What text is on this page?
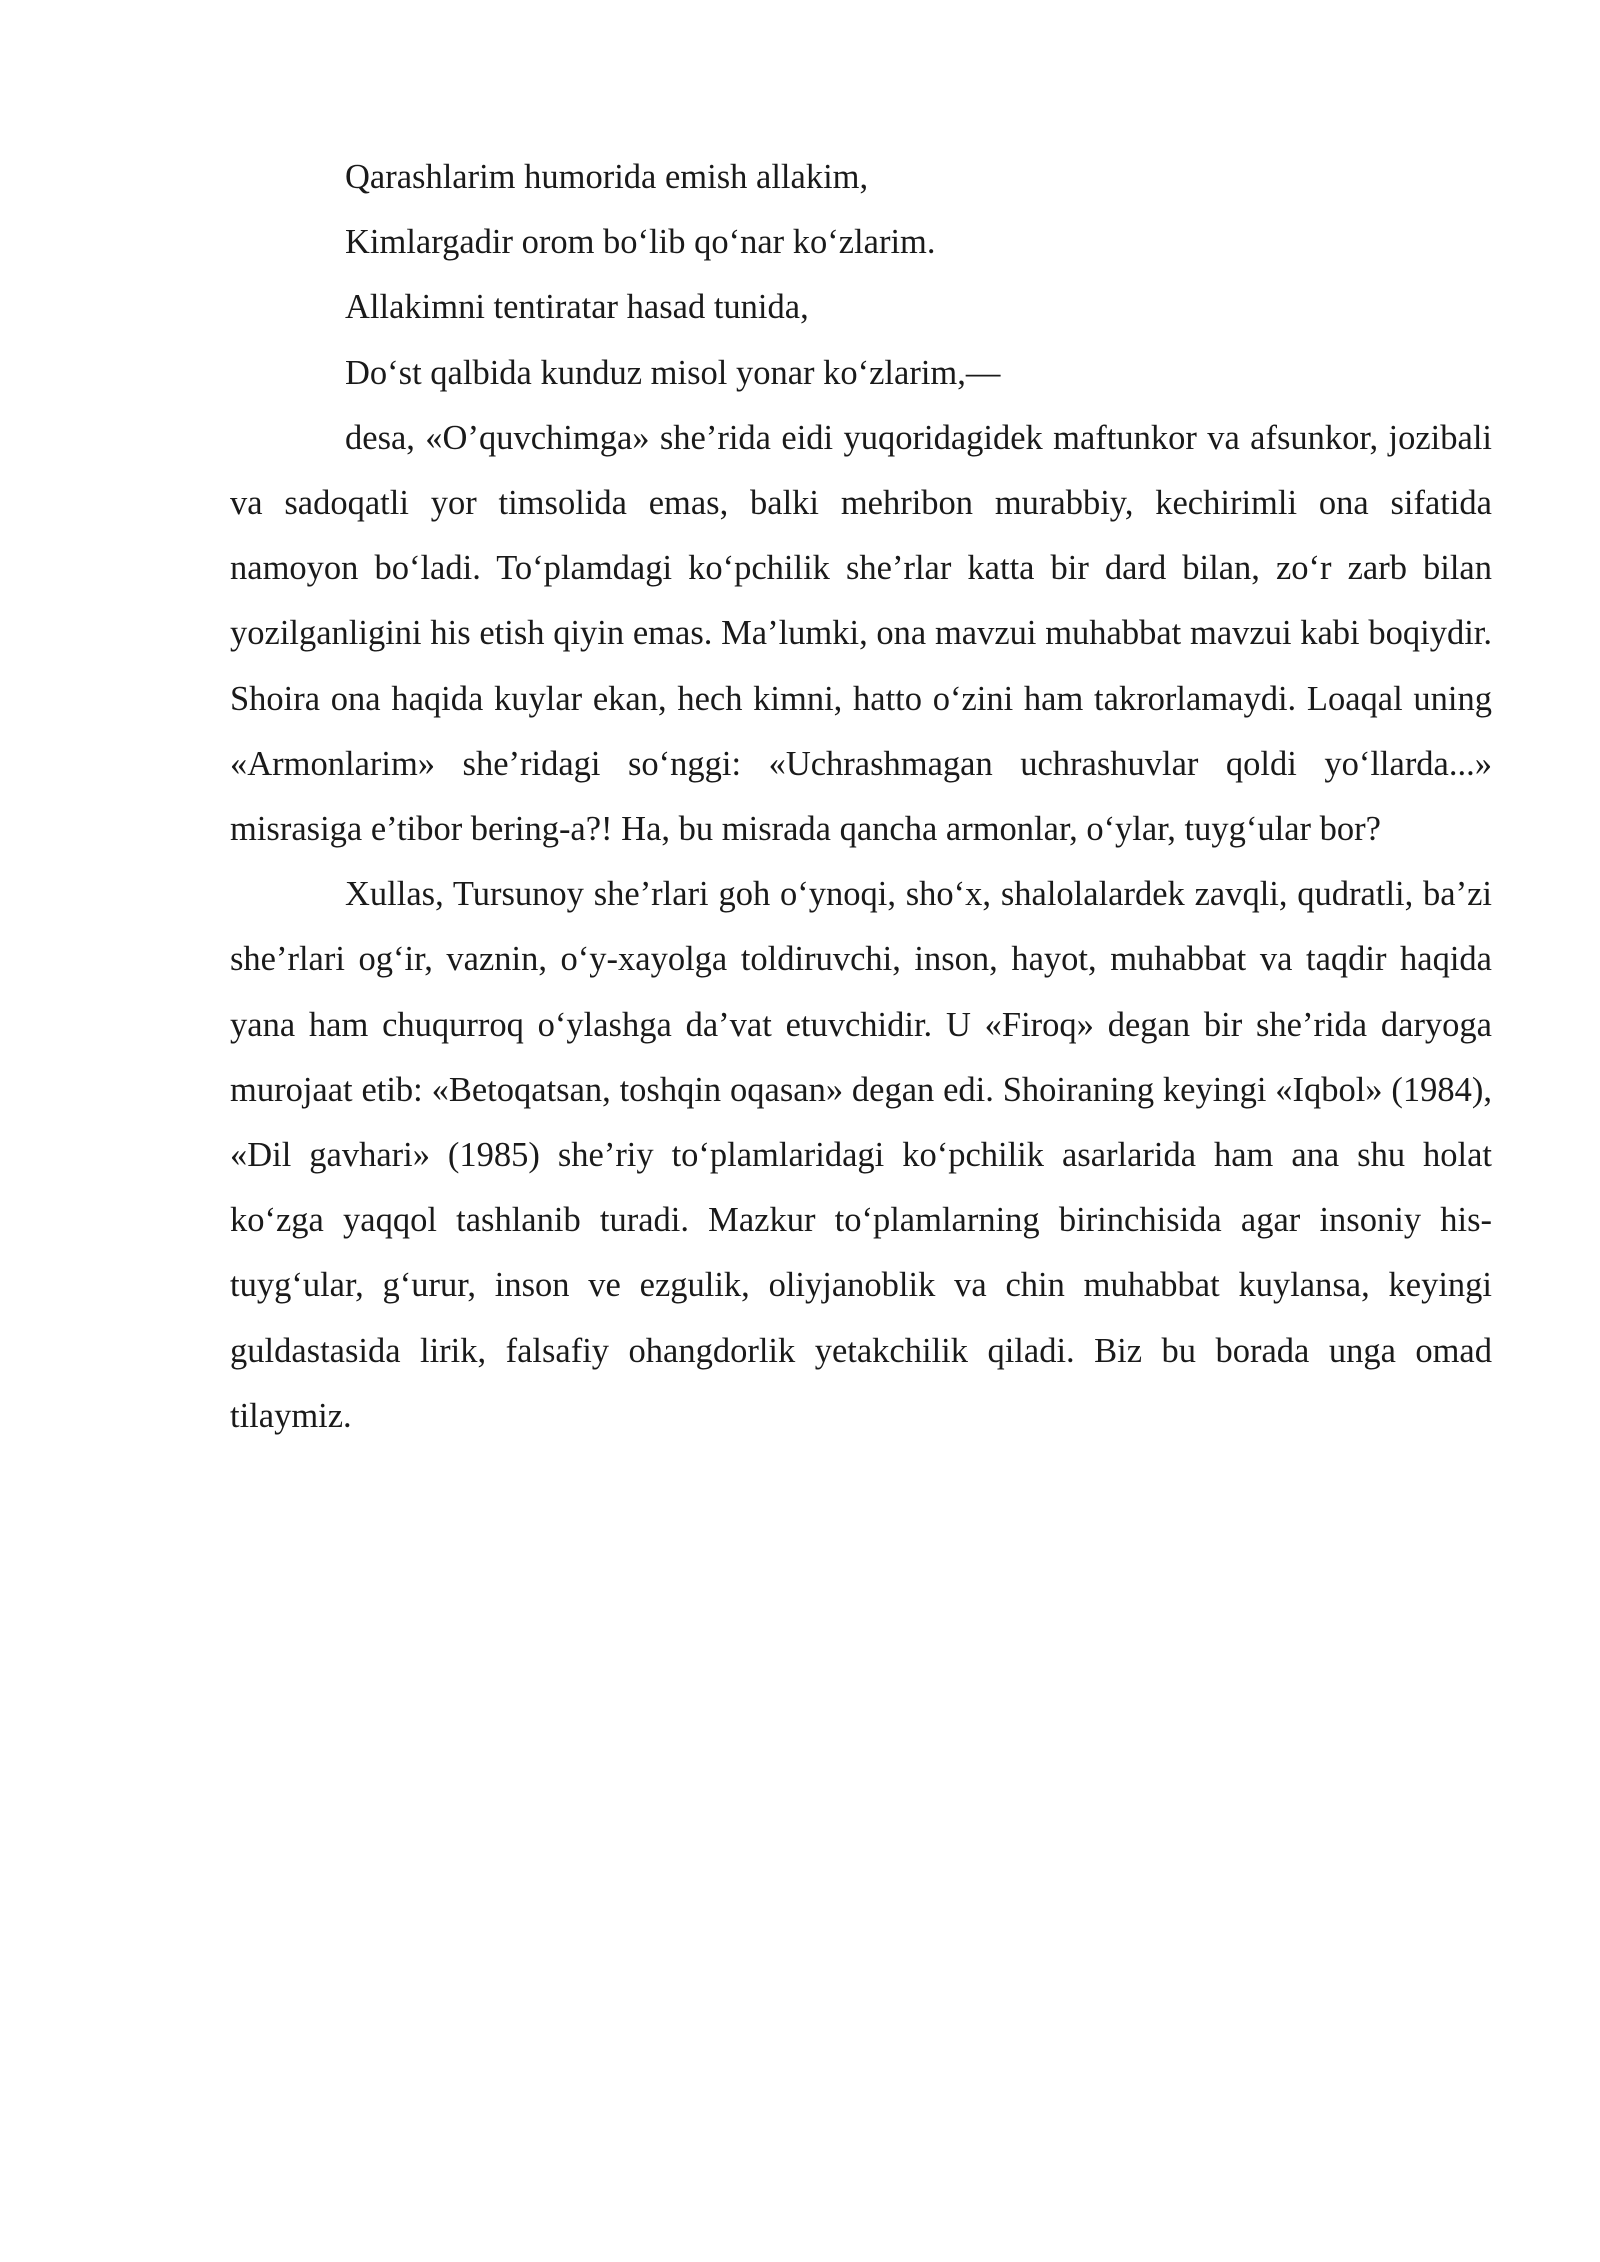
Qarashlarim humorida emish allakim,

Kimlargadir orom bo‘lib qo‘nar ko‘zlarim.

Allakimni tentiratar hasad tunida,

Do‘st qalbida kunduz misol yonar ko‘zlarim,—

desa, «O’quvchimga» she’rida eidi yuqoridagidek maftunkor va afsunkor, jozibali va sadoqatli yor timsolida emas, balki mehribon murabbiy, kechirimli ona sifatida namoyon bo‘ladi. To‘plamdagi ko‘pchilik she’rlar katta bir dard bilan, zo‘r zarb bilan yozilganligini his etish qiyin emas. Ma’lumki, ona mavzui muhabbat mavzui kabi boqiydir. Shoira ona haqida kuylar ekan, hech kimni, hatto o‘zini ham takrorlamaydi. Loaqal uning «Armonlarim» she’ridagi so‘nggi: «Uchrashmagan uchrashuvlar qoldi yo‘llarda...» misrasiga e’tibor bering-a?! Ha, bu misrada qancha armonlar, o‘ylar, tuyg‘ular bor?

Xullas, Tursunoy she’rlari goh o‘ynoqi, sho‘x, shalolalardek zavqli, qudratli, ba’zi she’rlari og‘ir, vaznin, o‘y-xayolga toldiruvchi, inson, hayot, muhabbat va taqdir haqida yana ham chuqurroq o‘ylashga da’vat etuvchidir. U «Firoq» degan bir she’rida daryoga murojaat etib: «Betoqatsan, toshqin oqasan» degan edi. Shoiraning keyingi «Iqbol» (1984), «Dil gavhari» (1985) she’riy to‘plamlaridagi ko‘pchilik asarlarida ham ana shu holat ko‘zga yaqqol tashlanib turadi. Mazkur to‘plamlarning birinchisida agar insoniy his-tuyg‘ular, g‘urur, inson ve ezgulik, oliyjanoblik va chin muhabbat kuylansa, keyingi guldastasida lirik, falsafiy ohangdorlik yetakchilik qiladi. Biz bu borada unga omad tilaymiz.
